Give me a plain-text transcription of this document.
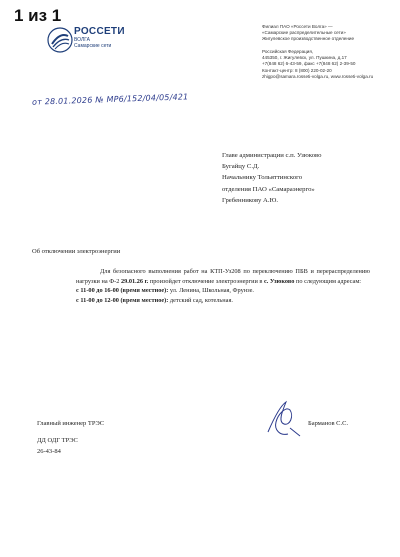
1 из 1
РОССЕТИ
ВОЛГА
Самарские сети
Филиал ПАО «Россети Волга» —
«Самарские распределительные сети»
Жигулевское производственное отделение
Российская Федерация,
445350, г. Жигулевск, ул. Пушкина, д.17
+7(848 62) 6-43-59, факс +7(848 62) 2-39-50
Контакт-центр: 8 (800) 220-02-20
zhigpo@samara.rosseti-volga.ru, www.rosseti-volga.ru
от 28.01.2026 № МР6/152/04/05/421
Главе администрации с.п. Узюково
Бугайцу С.Д.
Начальнику Тольяттинского
отделения ПАО «Самараэнерго»
Гребенникову А.Ю.
Об отключении электроэнергии

Для безопасного выполнения работ на КТП-Уз208 по переключению ПБВ и перераспределению нагрузки на Ф-2 29.01.26 г. произойдет отключение электроэнергии в с. Узюково по следующим адресам:

с 11-00 до 16-00 (время местное): ул. Ленина, Школьная, Фрунзе.

с 11-00 до 12-00 (время местное): детский сад, котельная.

Главный инженер ТРЭС	Барманов С.С.
ДД ОДГ ТРЭС
26-43-84
